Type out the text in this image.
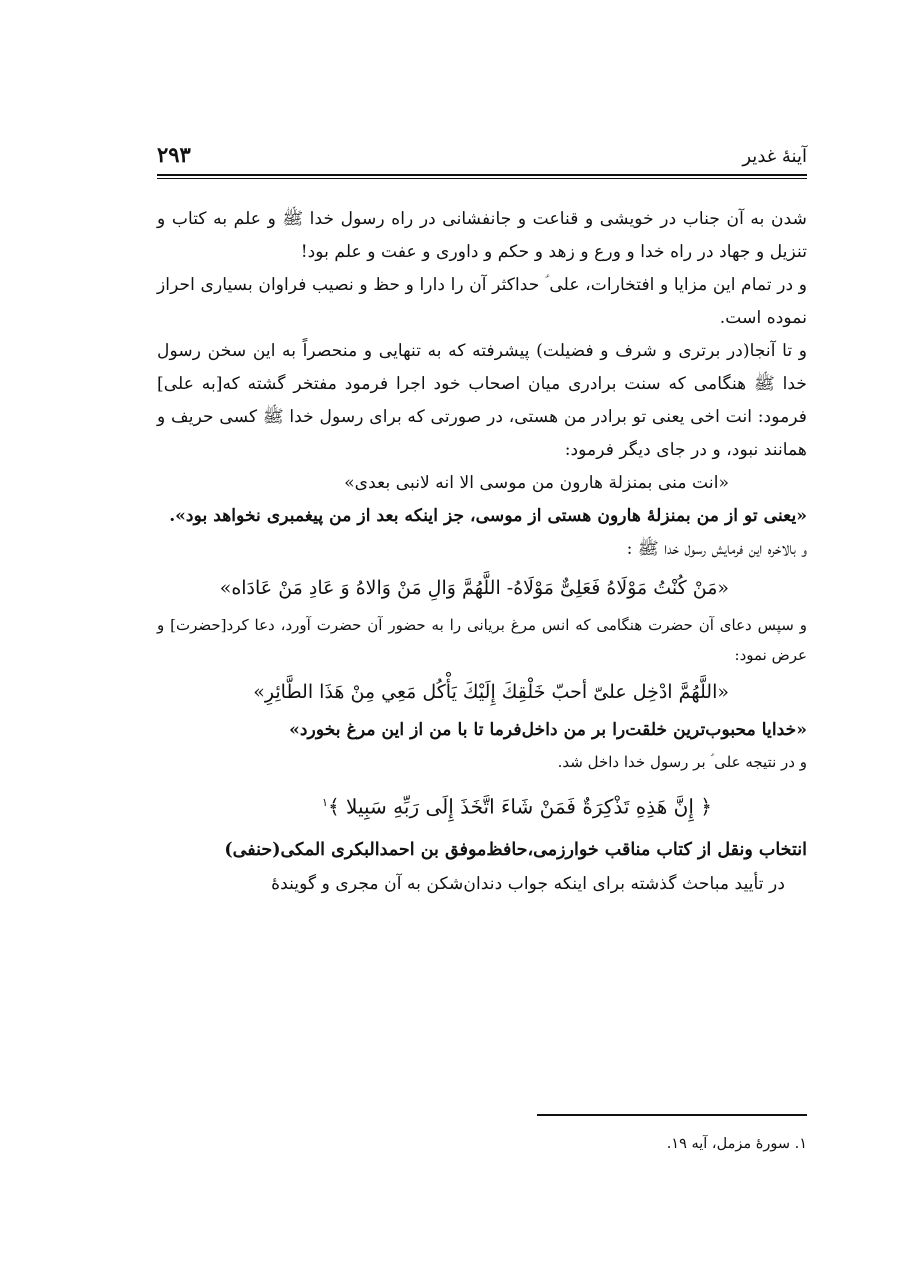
آینهٔ غدیر
۲۹۳

شدن به آن جناب در خویشی و قناعت و جانفشانی در راه رسول خدا ﷺ و علم به کتاب و تنزیل و جهاد در راه خدا و ورع و زهد و حکم و داوری و عفت و علم بود!

و در تمام این مزایا و افتخارات، علی ؑ حداکثر آن را دارا و حظ و نصیب فراوان بسیاری احراز نموده است.

و تا آنجا(در برتری و شرف و فضیلت) پیشرفته که به تنهایی و منحصراً به این سخن رسول خدا ﷺ هنگامی که سنت برادری میان اصحاب خود اجرا فرمود مفتخر گشته که[به علی] فرمود: انت اخی یعنی تو برادر من هستی، در صورتی که برای رسول خدا ﷺ کسی حریف و همانند نبود، و در جای دیگر فرمود:

«انت منی بمنزلة هارون من موسی الا انه لانبی بعدی»

«یعنی تو از من بمنزلهٔ هارون هستی از موسی، جز اینکه بعد از من پیغمبری نخواهد بود».

و بالاخره این فرمایش رسول خدا ﷺ :

«مَنْ کُنْتُ مَوْلَاهُ فَعَلِیٌّ مَوْلَاهُ- اللَّهُمَّ وَالِ مَنْ وَالاهُ وَ عَادِ مَنْ عَادَاه»

و سپس دعای آن حضرت هنگامی که انس مرغ بریانی را به حضور آن حضرت آورد، دعا کرد[حضرت] و عرض نمود:

«اللَّهُمَّ ادْخِل علیّ أحبّ خَلْقِكَ إِلَیْكَ یَأْكُل مَعِي مِنْ هَذَا الطَّائِرِ»

«خدایا محبوب‌ترین خلقت‌را بر من داخل‌فرما تا با من از این مرغ بخورد»

و در نتیجه علی ؑ بر رسول خدا داخل شد.

﴿ إِنَّ هَذِهِ تَذْكِرَةٌ فَمَنْ شَاءَ اتَّخَذَ إِلَى رَبِّهِ سَبِيلا ﴾$^۱$

انتخاب ونقل از كتاب مناقب خوارزمی،حافظ‌موفق بن احمدالبكری المكی(حنفی)

در تأیید مباحث گذشته برای اینکه جواب دندان‌شکن به آن مجری و گویندهٔ

۱. سورهٔ مزمل، آیه ۱۹.
